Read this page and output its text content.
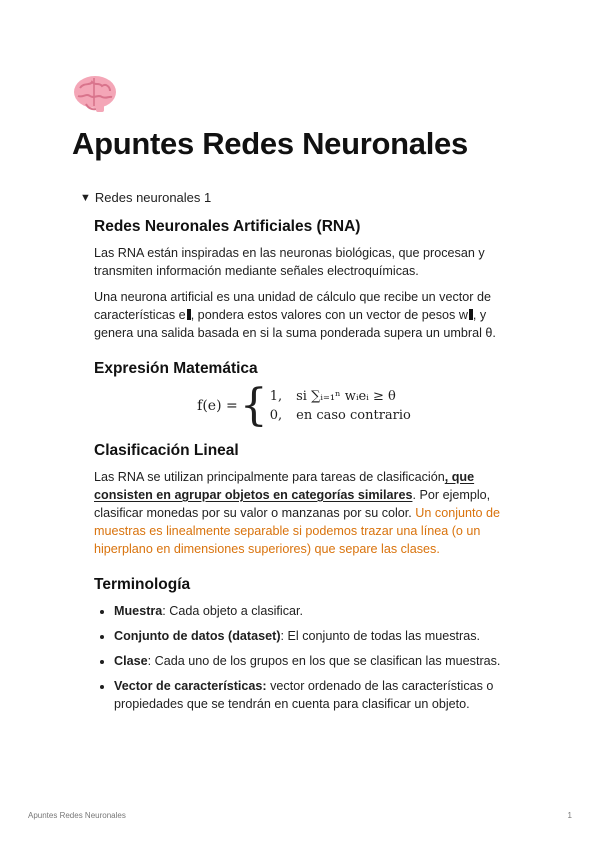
Apuntes Redes Neuronales
▼ Redes neuronales 1
Redes Neuronales Artificiales (RNA)

Las RNA están inspiradas en las neuronas biológicas, que procesan y transmiten información mediante señales electroquímicas.

Una neurona artificial es una unidad de cálculo que recibe un vector de características e , pondera estos valores con un vector de pesos w , y genera una salida basada en si la suma ponderada supera un umbral θ.

Expresión Matemática
f(e) = { 1, si ∑ᵢ₌₁ⁿ wᵢeᵢ ≥ θ
0, en caso contrario
Clasificación Lineal

Las RNA se utilizan principalmente para tareas de clasificación, que consisten en agrupar objetos en categorías similares. Por ejemplo, clasificar monedas por su valor o manzanas por su color. Un conjunto de muestras es linealmente separable si podemos trazar una línea (o un hiperplano en dimensiones superiores) que separe las clases.

Terminología
• Muestra: Cada objeto a clasificar.
• Conjunto de datos (dataset): El conjunto de todas las muestras.
• Clase: Cada uno de los grupos en los que se clasifican las muestras.
• Vector de características: vector ordenado de las características o propiedades que se tendrán en cuenta para clasificar un objeto.
Apuntes Redes Neuronales	1
